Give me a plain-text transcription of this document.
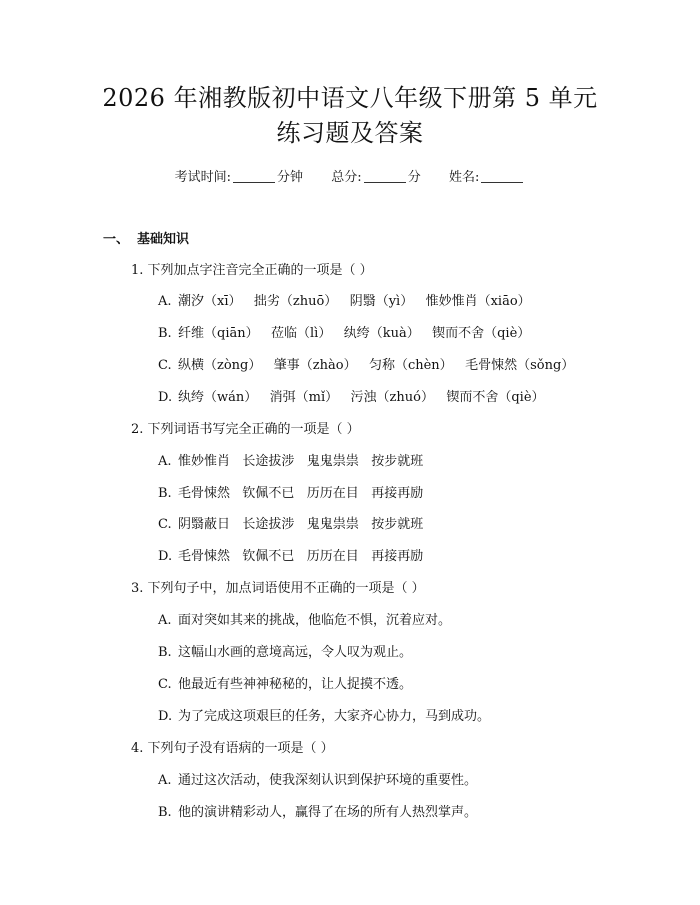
2026 年湘教版初中语文八年级下册第 5 单元
练习题及答案
考试时间:	分钟 总分:	分 姓名:
一、 基础知识
1. 下列加点字注音完全正确的一项是（ ）
A. 潮汐（xī）   拙劣（zhuō）   阴翳（yì）   惟妙惟肖（xiāo）
B. 纤维（qiān）   莅临（lì）   纨绔（kuà）   锲而不舍（qiè）
C. 纵横（zòng）   肇事（zhào）   匀称（chèn）   毛骨悚然（sǒng）
D. 纨绔（wán）   消弭（mǐ）   污浊（zhuó）   锲而不舍（qiè）
2. 下列词语书写完全正确的一项是（ ）
A. 惟妙惟肖   长途拔涉   鬼鬼祟祟   按步就班
B. 毛骨悚然   钦佩不已   历历在目   再接再励
C. 阴翳蔽日   长途拔涉   鬼鬼祟祟   按步就班
D. 毛骨悚然   钦佩不已   历历在目   再接再励
3. 下列句子中，加点词语使用不正确的一项是（ ）
A. 面对突如其来的挑战，他临危不惧，沉着应对。
B. 这幅山水画的意境高远，令人叹为观止。
C. 他最近有些神神秘秘的，让人捉摸不透。
D. 为了完成这项艰巨的任务，大家齐心协力，马到成功。
4. 下列句子没有语病的一项是（ ）
A. 通过这次活动，使我深刻认识到保护环境的重要性。
B. 他的演讲精彩动人，赢得了在场的所有人热烈掌声。
